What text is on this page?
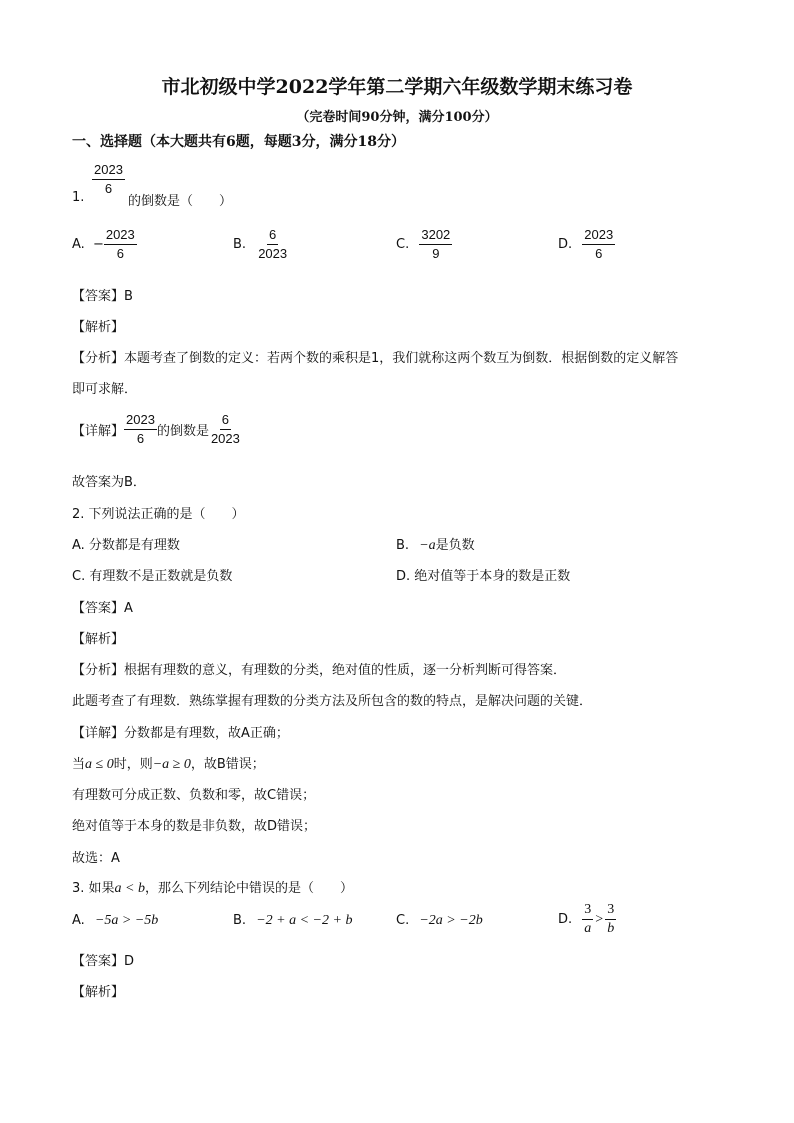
市北初级中学2022学年第二学期六年级数学期末练习卷
（完卷时间90分钟，满分100分）
一、选择题（本大题共有6题，每题3分，满分18分）
1.
$\frac{2023}{6}$
的倒数是（　　）
A. − $\frac{2023}{6}$	B. $\frac{6}{2023}$	C. $\frac{3202}{9}$	D. $\frac{2023}{6}$
【答案】B
【解析】
【分析】本题考查了倒数的定义：若两个数的乘积是1，我们就称这两个数互为倒数．根据倒数的定义解答
即可求解．
【详解】 $\frac{2023}{6}$ 的倒数是 $\frac{6}{2023}$
故答案为B．
2. 下列说法正确的是（　　）
A. 分数都是有理数	B. −a是负数
C. 有理数不是正数就是负数	D. 绝对值等于本身的数是正数
【答案】A
【解析】
【分析】根据有理数的意义，有理数的分类，绝对值的性质，逐一分析判断可得答案．
此题考查了有理数．熟练掌握有理数的分类方法及所包含的数的特点，是解决问题的关键．
【详解】分数都是有理数，故A正确；
当a ≤ 0时，则−a ≥ 0，故B错误；
有理数可分成正数、负数和零，故C错误；
绝对值等于本身的数是非负数，故D错误；
故选：A
3. 如果a < b，那么下列结论中错误的是（　　）
A. −5a > −5b	B. −2 + a < −2 + b	C. −2a > −2b	D. $\frac{3}{a} > \frac{3}{b}$
【答案】D
【解析】
